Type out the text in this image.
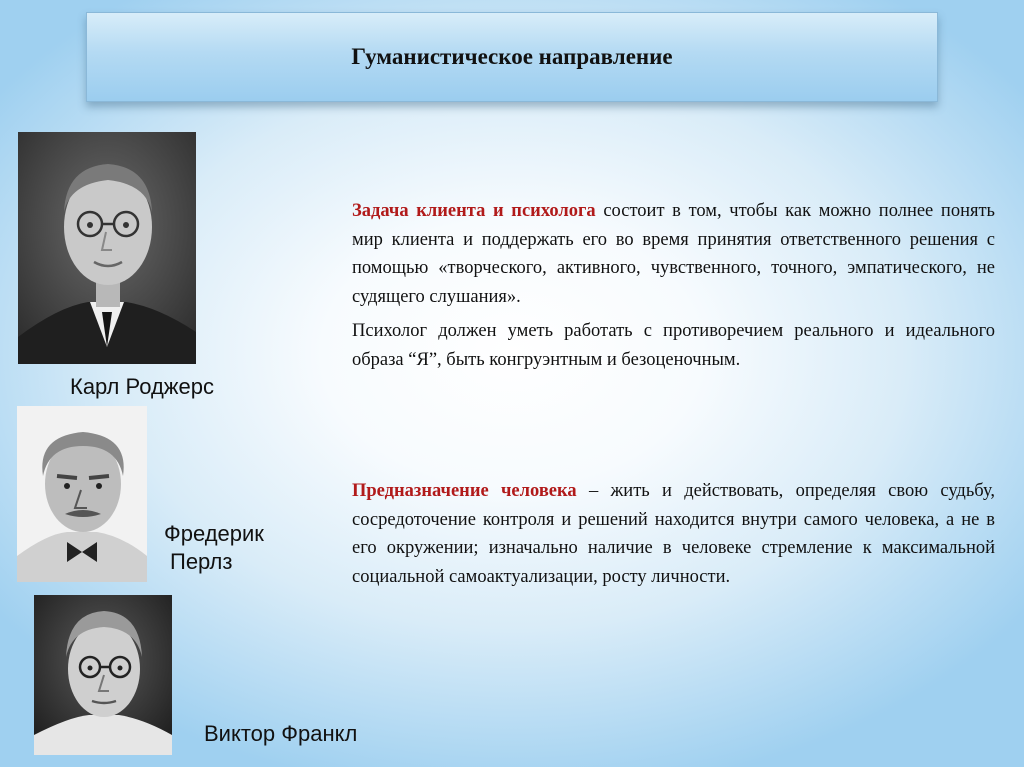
Гуманистическое направление
Карл Роджерс
Фредерик
Перлз
Виктор Франкл

Задача клиента и психолога состоит в том, чтобы как можно полнее понять мир клиента и поддержать его во время принятия ответственного решения с помощью «творческого, активного, чувственного, точного, эмпатического, не судящего слушания».

Психолог должен уметь работать с противоречием реального и идеального образа “Я”, быть конгруэнтным и безоценочным.

Предназначение человека – жить и действовать, определяя свою судьбу, сосредоточение контроля и решений находится внутри самого человека, а не в его окружении; изначально наличие в человеке стремление к максимальной социальной самоактуализации, росту личности.
